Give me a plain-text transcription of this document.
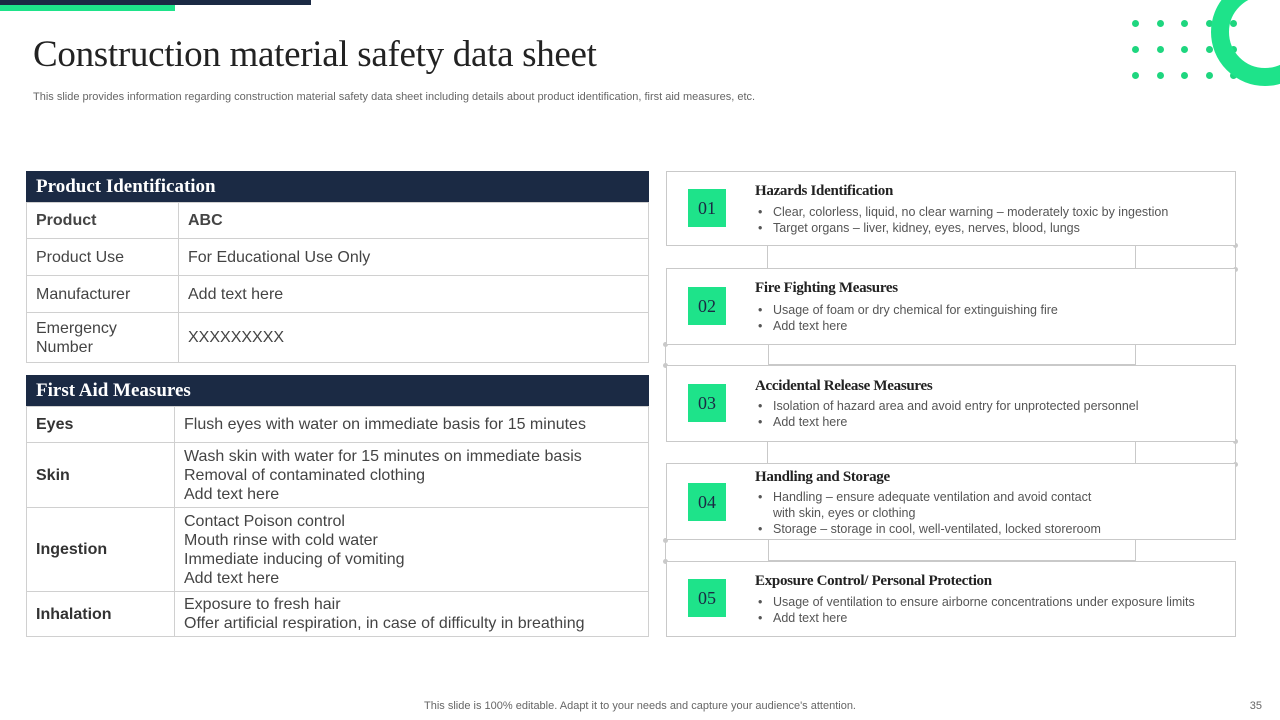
Construction material safety data sheet
This slide provides information regarding construction material safety data sheet including details about product identification, first aid measures, etc.
Product Identification
Product	ABC
Product Use	For Educational Use Only
Manufacturer	Add text here
Emergency Number	XXXXXXXXX
First Aid Measures
Eyes	Flush eyes with water on immediate basis for 15 minutes

Skin	Wash skin with water for 15 minutes on immediate basis
Removal of contaminated clothing
Add text here

Ingestion	Contact Poison control
Mouth rinse with cold water
Immediate inducing of vomiting
Add text here

Inhalation	Exposure to fresh hair
Offer artificial respiration, in case of difficulty in breathing
01
Hazards Identification
• Clear, colorless, liquid, no clear warning – moderately toxic by ingestion
• Target organs – liver, kidney, eyes, nerves, blood, lungs
02
Fire Fighting Measures
• Usage of foam or dry chemical for extinguishing fire
• Add text here
03
Accidental Release Measures
• Isolation of hazard area and avoid entry for unprotected personnel
• Add text here
04
Handling and Storage
• Handling – ensure adequate ventilation and avoid contact with skin, eyes or clothing
• Storage – storage in cool, well-ventilated, locked storeroom
05
Exposure Control/ Personal Protection
• Usage of ventilation to ensure airborne concentrations under exposure limits
• Add text here
This slide is 100% editable. Adapt it to your needs and capture your audience's attention.	35
